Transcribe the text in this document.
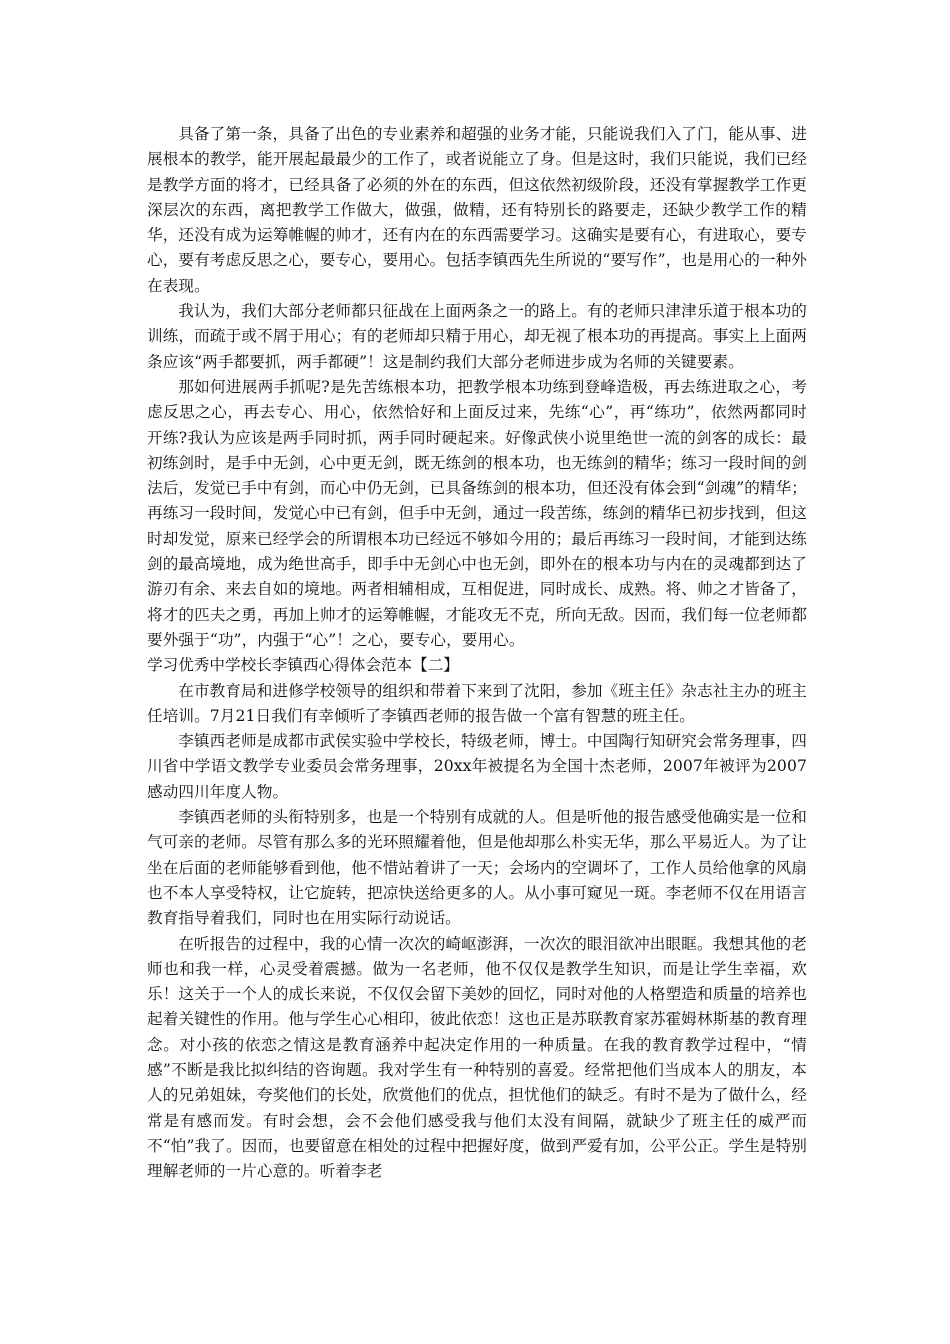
具备了第一条，具备了出色的专业素养和超强的业务才能，只能说我们入了门，能从事、进展根本的教学，能开展起最最少的工作了，或者说能立了身。但是这时，我们只能说，我们已经是教学方面的将才，已经具备了必须的外在的东西，但这依然初级阶段，还没有掌握教学工作更深层次的东西，离把教学工作做大，做强，做精，还有特别长的路要走，还缺少教学工作的精华，还没有成为运筹帷幄的帅才，还有内在的东西需要学习。这确实是要有心，有进取心，要专心，要有考虑反思之心，要专心，要用心。包括李镇西先生所说的“要写作”，也是用心的一种外在表现。

我认为，我们大部分老师都只征战在上面两条之一的路上。有的老师只津津乐道于根本功的训练，而疏于或不屑于用心；有的老师却只精于用心，却无视了根本功的再提高。事实上上面两条应该“两手都要抓，两手都硬”！这是制约我们大部分老师进步成为名师的关键要素。

那如何进展两手抓呢?是先苦练根本功，把教学根本功练到登峰造极，再去练进取之心，考虑反思之心，再去专心、用心，依然恰好和上面反过来，先练“心”，再“练功”，依然两都同时开练?我认为应该是两手同时抓，两手同时硬起来。好像武侠小说里绝世一流的剑客的成长：最初练剑时，是手中无剑，心中更无剑，既无练剑的根本功，也无练剑的精华；练习一段时间的剑法后，发觉已手中有剑，而心中仍无剑，已具备练剑的根本功，但还没有体会到“剑魂”的精华；再练习一段时间，发觉心中已有剑，但手中无剑，通过一段苦练，练剑的精华已初步找到，但这时却发觉，原来已经学会的所谓根本功已经远不够如今用的；最后再练习一段时间，才能到达练剑的最高境地，成为绝世高手，即手中无剑心中也无剑，即外在的根本功与内在的灵魂都到达了游刃有余、来去自如的境地。两者相辅相成，互相促进，同时成长、成熟。将、帅之才皆备了，将才的匹夫之勇，再加上帅才的运筹帷幄，才能攻无不克，所向无敌。因而，我们每一位老师都要外强于“功”，内强于“心”！之心，要专心，要用心。

学习优秀中学校长李镇西心得体会范本【二】

在市教育局和进修学校领导的组织和带着下来到了沈阳，参加《班主任》杂志社主办的班主任培训。7月21日我们有幸倾听了李镇西老师的报告做一个富有智慧的班主任。

李镇西老师是成都市武侯实验中学校长，特级老师，博士。中国陶行知研究会常务理事，四川省中学语文教学专业委员会常务理事，20xx年被提名为全国十杰老师，2007年被评为2007感动四川年度人物。

李镇西老师的头衔特别多，也是一个特别有成就的人。但是听他的报告感受他确实是一位和气可亲的老师。尽管有那么多的光环照耀着他，但是他却那么朴实无华，那么平易近人。为了让坐在后面的老师能够看到他，他不惜站着讲了一天；会场内的空调坏了，工作人员给他拿的风扇也不本人享受特权，让它旋转，把凉快送给更多的人。从小事可窥见一斑。李老师不仅在用语言教育指导着我们，同时也在用实际行动说话。

在听报告的过程中，我的心情一次次的崎岖澎湃，一次次的眼泪欲冲出眼眶。我想其他的老师也和我一样，心灵受着震撼。做为一名老师，他不仅仅是教学生知识，而是让学生幸福，欢乐！这关于一个人的成长来说，不仅仅会留下美妙的回忆，同时对他的人格塑造和质量的培养也起着关键性的作用。他与学生心心相印，彼此依恋！这也正是苏联教育家苏霍姆林斯基的教育理念。对小孩的依恋之情这是教育涵养中起决定作用的一种质量。在我的教育教学过程中，“情感”不断是我比拟纠结的咨询题。我对学生有一种特别的喜爱。经常把他们当成本人的朋友，本人的兄弟姐妹，夸奖他们的长处，欣赏他们的优点，担忧他们的缺乏。有时不是为了做什么，经常是有感而发。有时会想，会不会他们感受我与他们太没有间隔，就缺少了班主任的威严而不“怕”我了。因而，也要留意在相处的过程中把握好度，做到严爱有加，公平公正。学生是特别理解老师的一片心意的。听着李老
